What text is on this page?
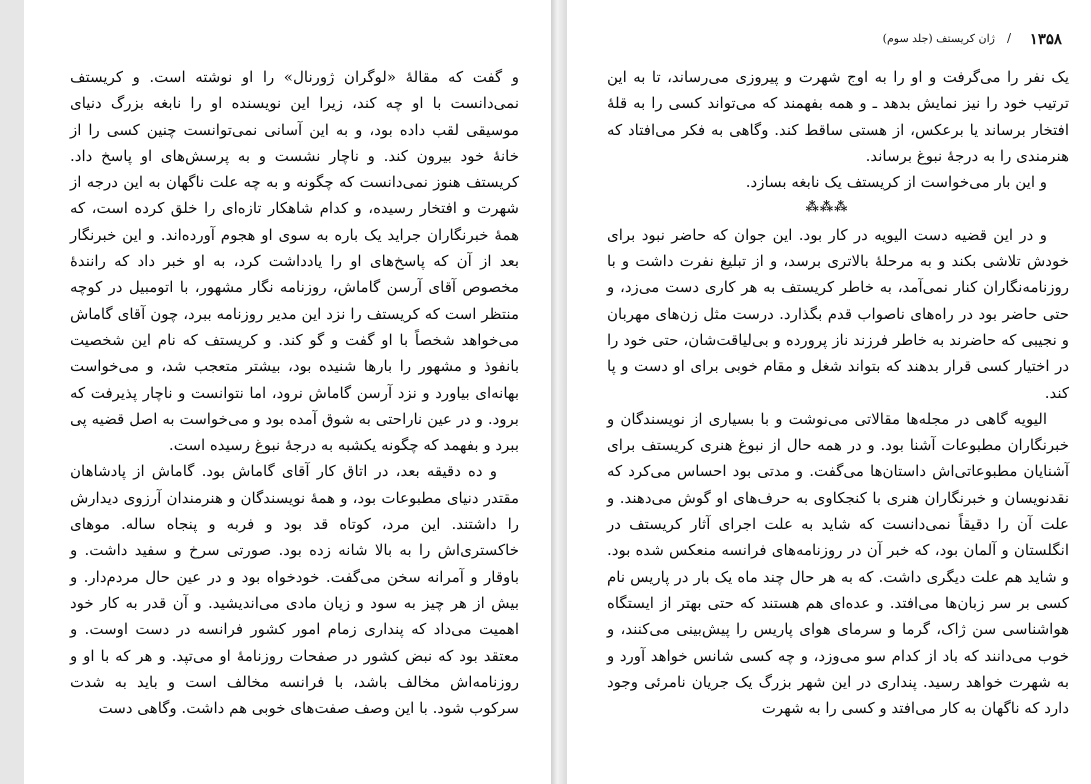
و گفت که مقالهٔ «لوگران ژورنال» را او نوشته است. و کریستف نمی‌دانست با او چه کند، زیرا این نویسنده او را نابغه بزرگ دنیای موسیقی لقب داده بود، و به این آسانی نمی‌توانست چنین کسی را از خانهٔ خود بیرون کند. و ناچار نشست و به پرسش‌های او پاسخ داد. کریستف هنوز نمی‌دانست که چگونه و به چه علت ناگهان به این درجه از شهرت و افتخار رسیده، و کدام شاهکار تازه‌ای را خلق کرده است، که همهٔ خبرنگاران جراید یک باره به سوی او هجوم آورده‌اند. و این خبرنگار بعد از آن که پاسخ‌های او را یادداشت کرد، به او خبر داد که رانندهٔ مخصوص آقای آرسن گاماش، روزنامه نگار مشهور، با اتومبیل در کوچه منتظر است که کریستف را نزد این مدیر روزنامه ببرد، چون آقای گاماش می‌خواهد شخصاً با او گفت و گو کند. و کریستف که نام این شخصیت بانفوذ و مشهور را بارها شنیده بود، بیشتر متعجب شد، و می‌خواست بهانه‌ای بیاورد و نزد آرسن گاماش نرود، اما نتوانست و ناچار پذیرفت که برود. و در عین ناراحتی به شوق آمده بود و می‌خواست به اصل قضیه پی ببرد و بفهمد که چگونه یکشبه به درجهٔ نبوغ رسیده است.

و ده دقیقه بعد، در اتاق کار آقای گاماش بود. گاماش از پادشاهان مقتدر دنیای مطبوعات بود، و همهٔ نویسندگان و هنرمندان آرزوی دیدارش را داشتند. این مرد، کوتاه قد بود و فربه و پنجاه ساله. موهای خاکستری‌اش را به بالا شانه زده بود. صورتی سرخ و سفید داشت. و باوقار و آمرانه سخن می‌گفت. خودخواه بود و در عین حال مردم‌دار. و بیش از هر چیز به سود و زیان مادی می‌اندیشید. و آن قدر به کار خود اهمیت می‌داد که پنداری زمام امور کشور فرانسه در دست اوست. و معتقد بود که نبض کشور در صفحات روزنامهٔ او می‌تپد. و هر که با او و روزنامه‌اش مخالف باشد، با فرانسه مخالف است و باید به شدت سرکوب شود. با این وصف صفت‌های خوبی هم داشت. وگاهی دست

۱۳۵۸
/
ژان کریستف (جلد سوم)

یک نفر را می‌گرفت و او را به اوج شهرت و پیروزی می‌رساند، تا به این ترتیب خود را نیز نمایش بدهد ـ و همه بفهمند که می‌تواند کسی را به قلهٔ افتخار برساند یا برعکس، از هستی ساقط کند. وگاهی به فکر می‌افتاد که هنرمندی را به درجهٔ نبوغ برساند.

و این بار می‌خواست از کریستف یک نابغه بسازد.

⁂⁂⁂

و در این قضیه دست الیویه در کار بود. این جوان که حاضر نبود برای خودش تلاشی بکند و به مرحلهٔ بالاتری برسد، و از تبلیغ نفرت داشت و با روزنامه‌نگاران کنار نمی‌آمد، به خاطر کریستف به هر کاری دست می‌زد، و حتی حاضر بود در راه‌های ناصواب قدم بگذارد. درست مثل زن‌های مهربان و نجیبی که حاضرند به خاطر فرزند ناز پرورده و بی‌لیاقت‌شان، حتی خود را در اختیار کسی قرار بدهند که بتواند شغل و مقام خوبی برای او دست و پا کند.

الیویه گاهی در مجله‌ها مقالاتی می‌نوشت و با بسیاری از نویسندگان و خبرنگاران مطبوعات آشنا بود. و در همه حال از نبوغ هنری کریستف برای آشنایان مطبوعاتی‌اش داستان‌ها می‌گفت. و مدتی بود احساس می‌کرد که نقدنویسان و خبرنگاران هنری با کنجکاوی به حرف‌های او گوش می‌دهند. و علت آن را دقیقاً نمی‌دانست که شاید به علت اجرای آثار کریستف در انگلستان و آلمان بود، که خبر آن در روزنامه‌های فرانسه منعکس شده بود. و شاید هم علت دیگری داشت. که به هر حال چند ماه یک بار در پاریس نام کسی بر سر زبان‌ها می‌افتد. و عده‌ای هم هستند که حتی بهتر از ایستگاه هواشناسی سن ژاک، گرما و سرمای هوای پاریس را پیش‌بینی می‌کنند، و خوب می‌دانند که باد از کدام سو می‌وزد، و چه کسی شانس خواهد آورد و به شهرت خواهد رسید. پنداری در این شهر بزرگ یک جریان نامرئی وجود دارد که ناگهان به کار می‌افتد و کسی را به شهرت
